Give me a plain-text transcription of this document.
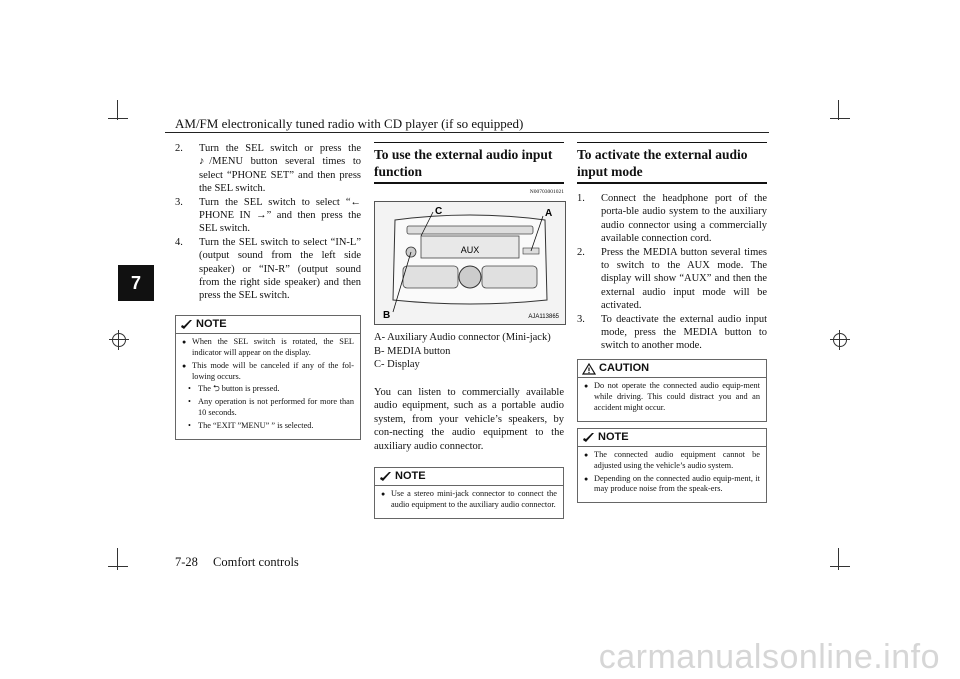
AM/FM electronically tuned radio with CD player (if so equipped)
7
2. Turn the SEL switch or press the ♪/MENU button several times to select “PHONE SET” and then press the SEL switch.
3. Turn the SEL switch to select “← PHONE IN →” and then press the SEL switch.
4. Turn the SEL switch to select “IN-L” (output sound from the left side speaker) or “IN-R” (output sound from the right side speaker) and then press the SEL switch.
NOTE
● When the SEL switch is rotated, the SEL indicator will appear on the display.
● This mode will be canceled if any of the fol-lowing occurs.
• The ⮌ button is pressed.
• Any operation is not performed for more than 10 seconds.
• The “EXIT ”MENU” ” is selected.
To use the external audio input function
N00703001021
AUX
C	A
B	AJA113865
A- Auxiliary Audio connector (Mini-jack)
B- MEDIA button
C- Display
You can listen to commercially available audio equipment, such as a portable audio system, from your vehicle’s speakers, by con-necting the audio equipment to the auxiliary audio connector.
NOTE
● Use a stereo mini-jack connector to connect the audio equipment to the auxiliary audio connector.
To activate the external audio input mode
1. Connect the headphone port of the porta-ble audio system to the auxiliary audio connector using a commercially available connection cord.
2. Press the MEDIA button several times to switch to the AUX mode. The display will show “AUX” and then the external audio input mode will be activated.
3. To deactivate the external audio input mode, press the MEDIA button to switch to another mode.
CAUTION
● Do not operate the connected audio equip-ment while driving. This could distract you and an accident might occur.
NOTE
● The connected audio equipment cannot be adjusted using the vehicle’s audio system.
● Depending on the connected audio equip-ment, it may produce noise from the speak-ers.
7-28 Comfort controls
carmanualsonline.info
